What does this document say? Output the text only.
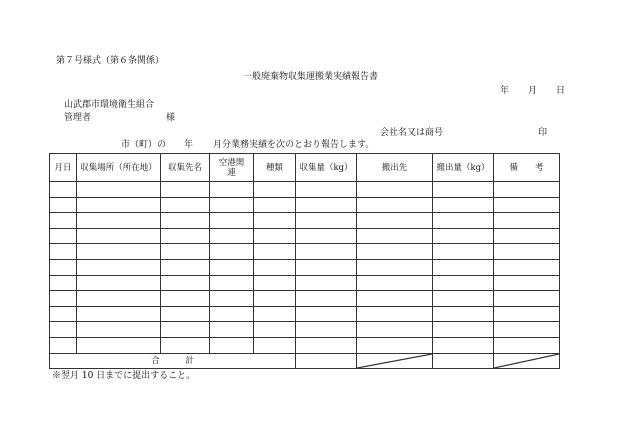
第７号様式（第６条関係）
一般廃棄物収集運搬業実績報告書
年 月 日
山武郡市環境衛生組合
管理者	様
会社名又は商号	印
市（町）の 年 月分業務実績を次のとおり報告します。
月日	収集場所（所在地）	収集先名	空港関連	種類	収集量（kg）	搬出先	搬出量（kg）	備　　考

合　　　計		

※翌月 10 日までに提出すること。
